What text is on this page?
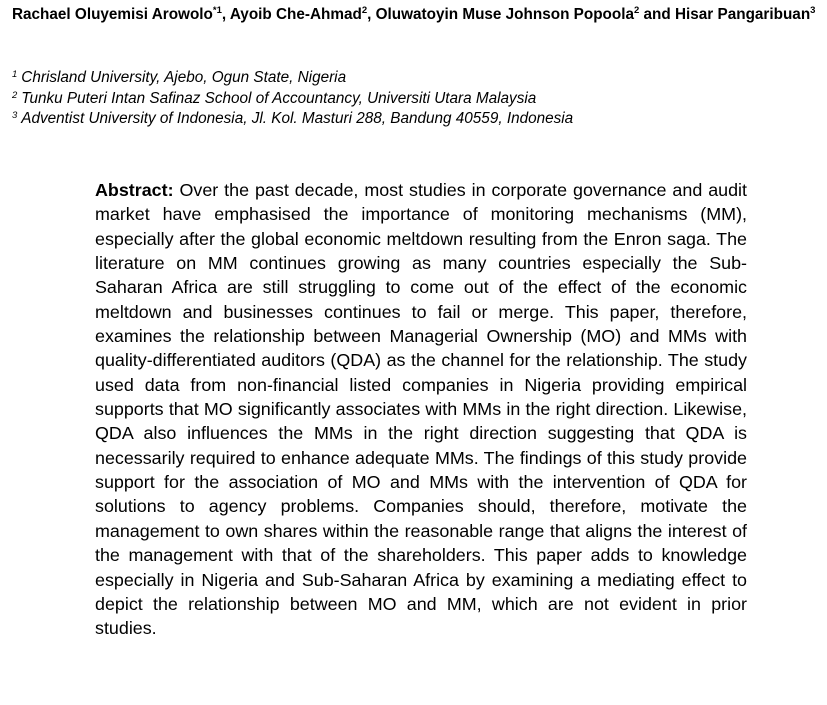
Rachael Oluyemisi Arowolo$^{*1}$, Ayoib Che-Ahmad$^2$, Oluwatoyin Muse Johnson Popoola$^2$ and Hisar Pangaribuan$^3$

$^1$ Chrisland University, Ajebo, Ogun State, Nigeria
$^2$ Tunku Puteri Intan Safinaz School of Accountancy, Universiti Utara Malaysia
$^3$ Adventist University of Indonesia, Jl. Kol. Masturi 288, Bandung 40559, Indonesia

Abstract: Over the past decade, most studies in corporate governance and audit market have emphasised the importance of monitoring mechanisms (MM), especially after the global economic meltdown resulting from the Enron saga. The literature on MM continues growing as many countries especially the Sub-Saharan Africa are still struggling to come out of the effect of the economic meltdown and businesses continues to fail or merge. This paper, therefore, examines the relationship between Managerial Ownership (MO) and MMs with quality-differentiated auditors (QDA) as the channel for the relationship. The study used data from non-financial listed companies in Nigeria providing empirical supports that MO significantly associates with MMs in the right direction. Likewise, QDA also influences the MMs in the right direction suggesting that QDA is necessarily required to enhance adequate MMs. The findings of this study provide support for the association of MO and MMs with the intervention of QDA for solutions to agency problems. Companies should, therefore, motivate the management to own shares within the reasonable range that aligns the interest of the management with that of the shareholders. This paper adds to knowledge especially in Nigeria and Sub-Saharan Africa by examining a mediating effect to depict the relationship between MO and MM, which are not evident in prior studies.
